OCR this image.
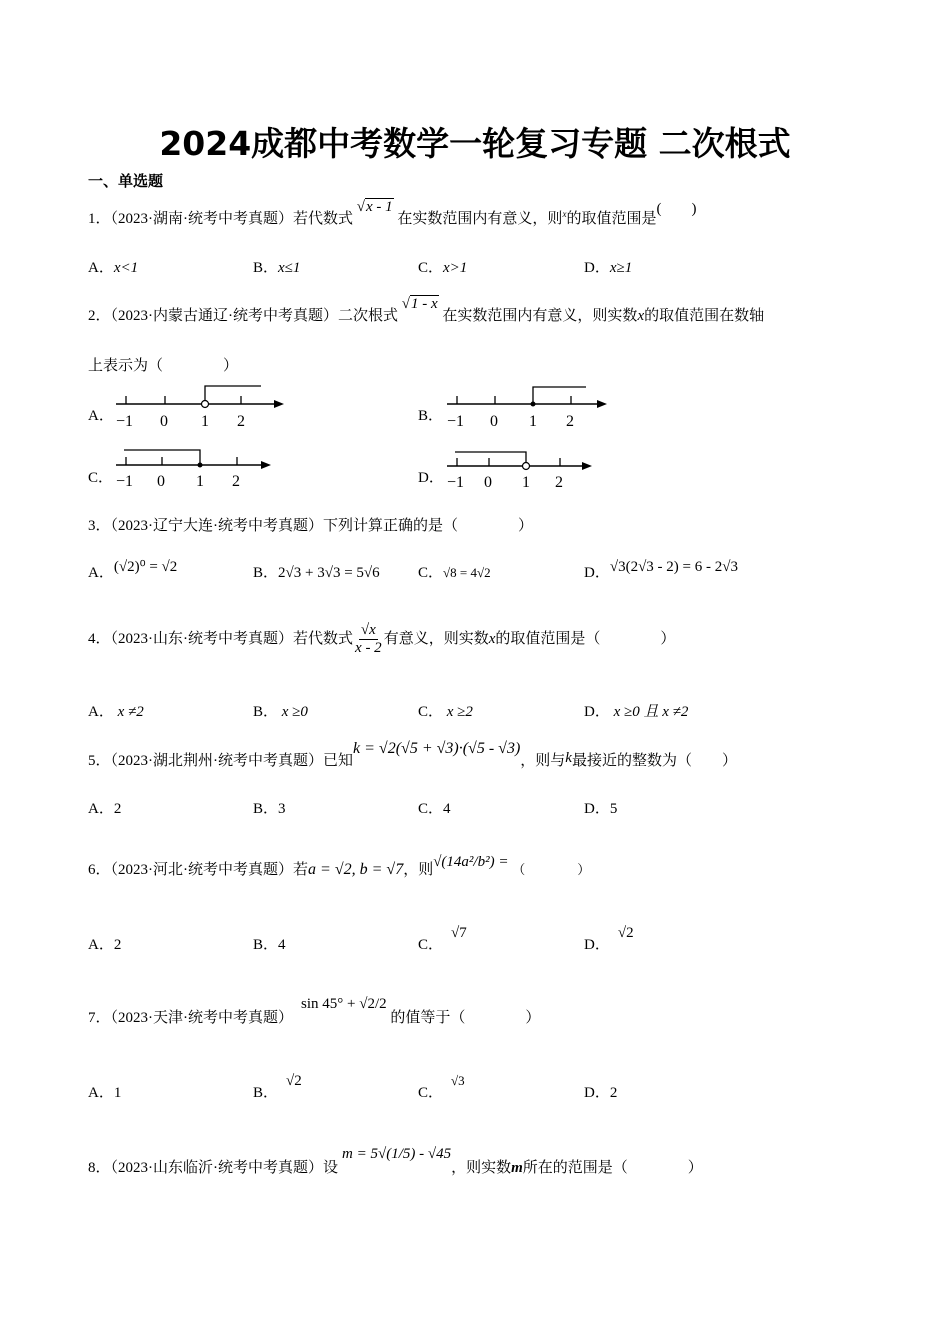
2024成都中考数学一轮复习专题 二次根式
一、单选题
1．（2023·湖南·统考中考真题）若代数式 √x - 1 在实数范围内有意义，则$^x$的取值范围是(　　)
A．x<1	B．x≤1	C．x>1	D．x≥1
2．（2023·内蒙古通辽·统考中考真题）二次根式 √1 - x 在实数范围内有意义，则实数x的取值范围在数轴
上表示为（　　　　）
A． −1 0 1 2	B． −1 0 1 2
C． −1 0 1 2	D． −1 0 1 2
3．（2023·辽宁大连·统考中考真题）下列计算正确的是（　　　　）
A．(√2)⁰ = √2	B．2√3 + 3√3 = 5√6	C．√8 = 4√2	D．√3(2√3 - 2) = 6 - 2√3
4．（2023·山东·统考中考真题）若代数式 $\frac{√x}{x - 2}$ 有意义，则实数x的取值范围是（　　　　）
A． x ≠2	B． x ≥0	C． x ≥2	D． x ≥0 且 x ≠2
5．（2023·湖北荆州·统考中考真题）已知k = √2(√5 + √3)·(√5 - √3)，则与k最接近的整数为（　　）
A．2	B．3	C．4	D．5
6．（2023·河北·统考中考真题）若a = √2, b = √7，则√(14a²/b²) = （　　　　）
A．2	B．4	C．√7
D．√2
7．（2023·天津·统考中考真题）sin 45° + √2/2 的值等于（　　　　）
A．1	B．√2
C．√3
D．2
8．（2023·山东临沂·统考中考真题）设m = 5√(1/5) - √45，则实数m所在的范围是（　　　　）
